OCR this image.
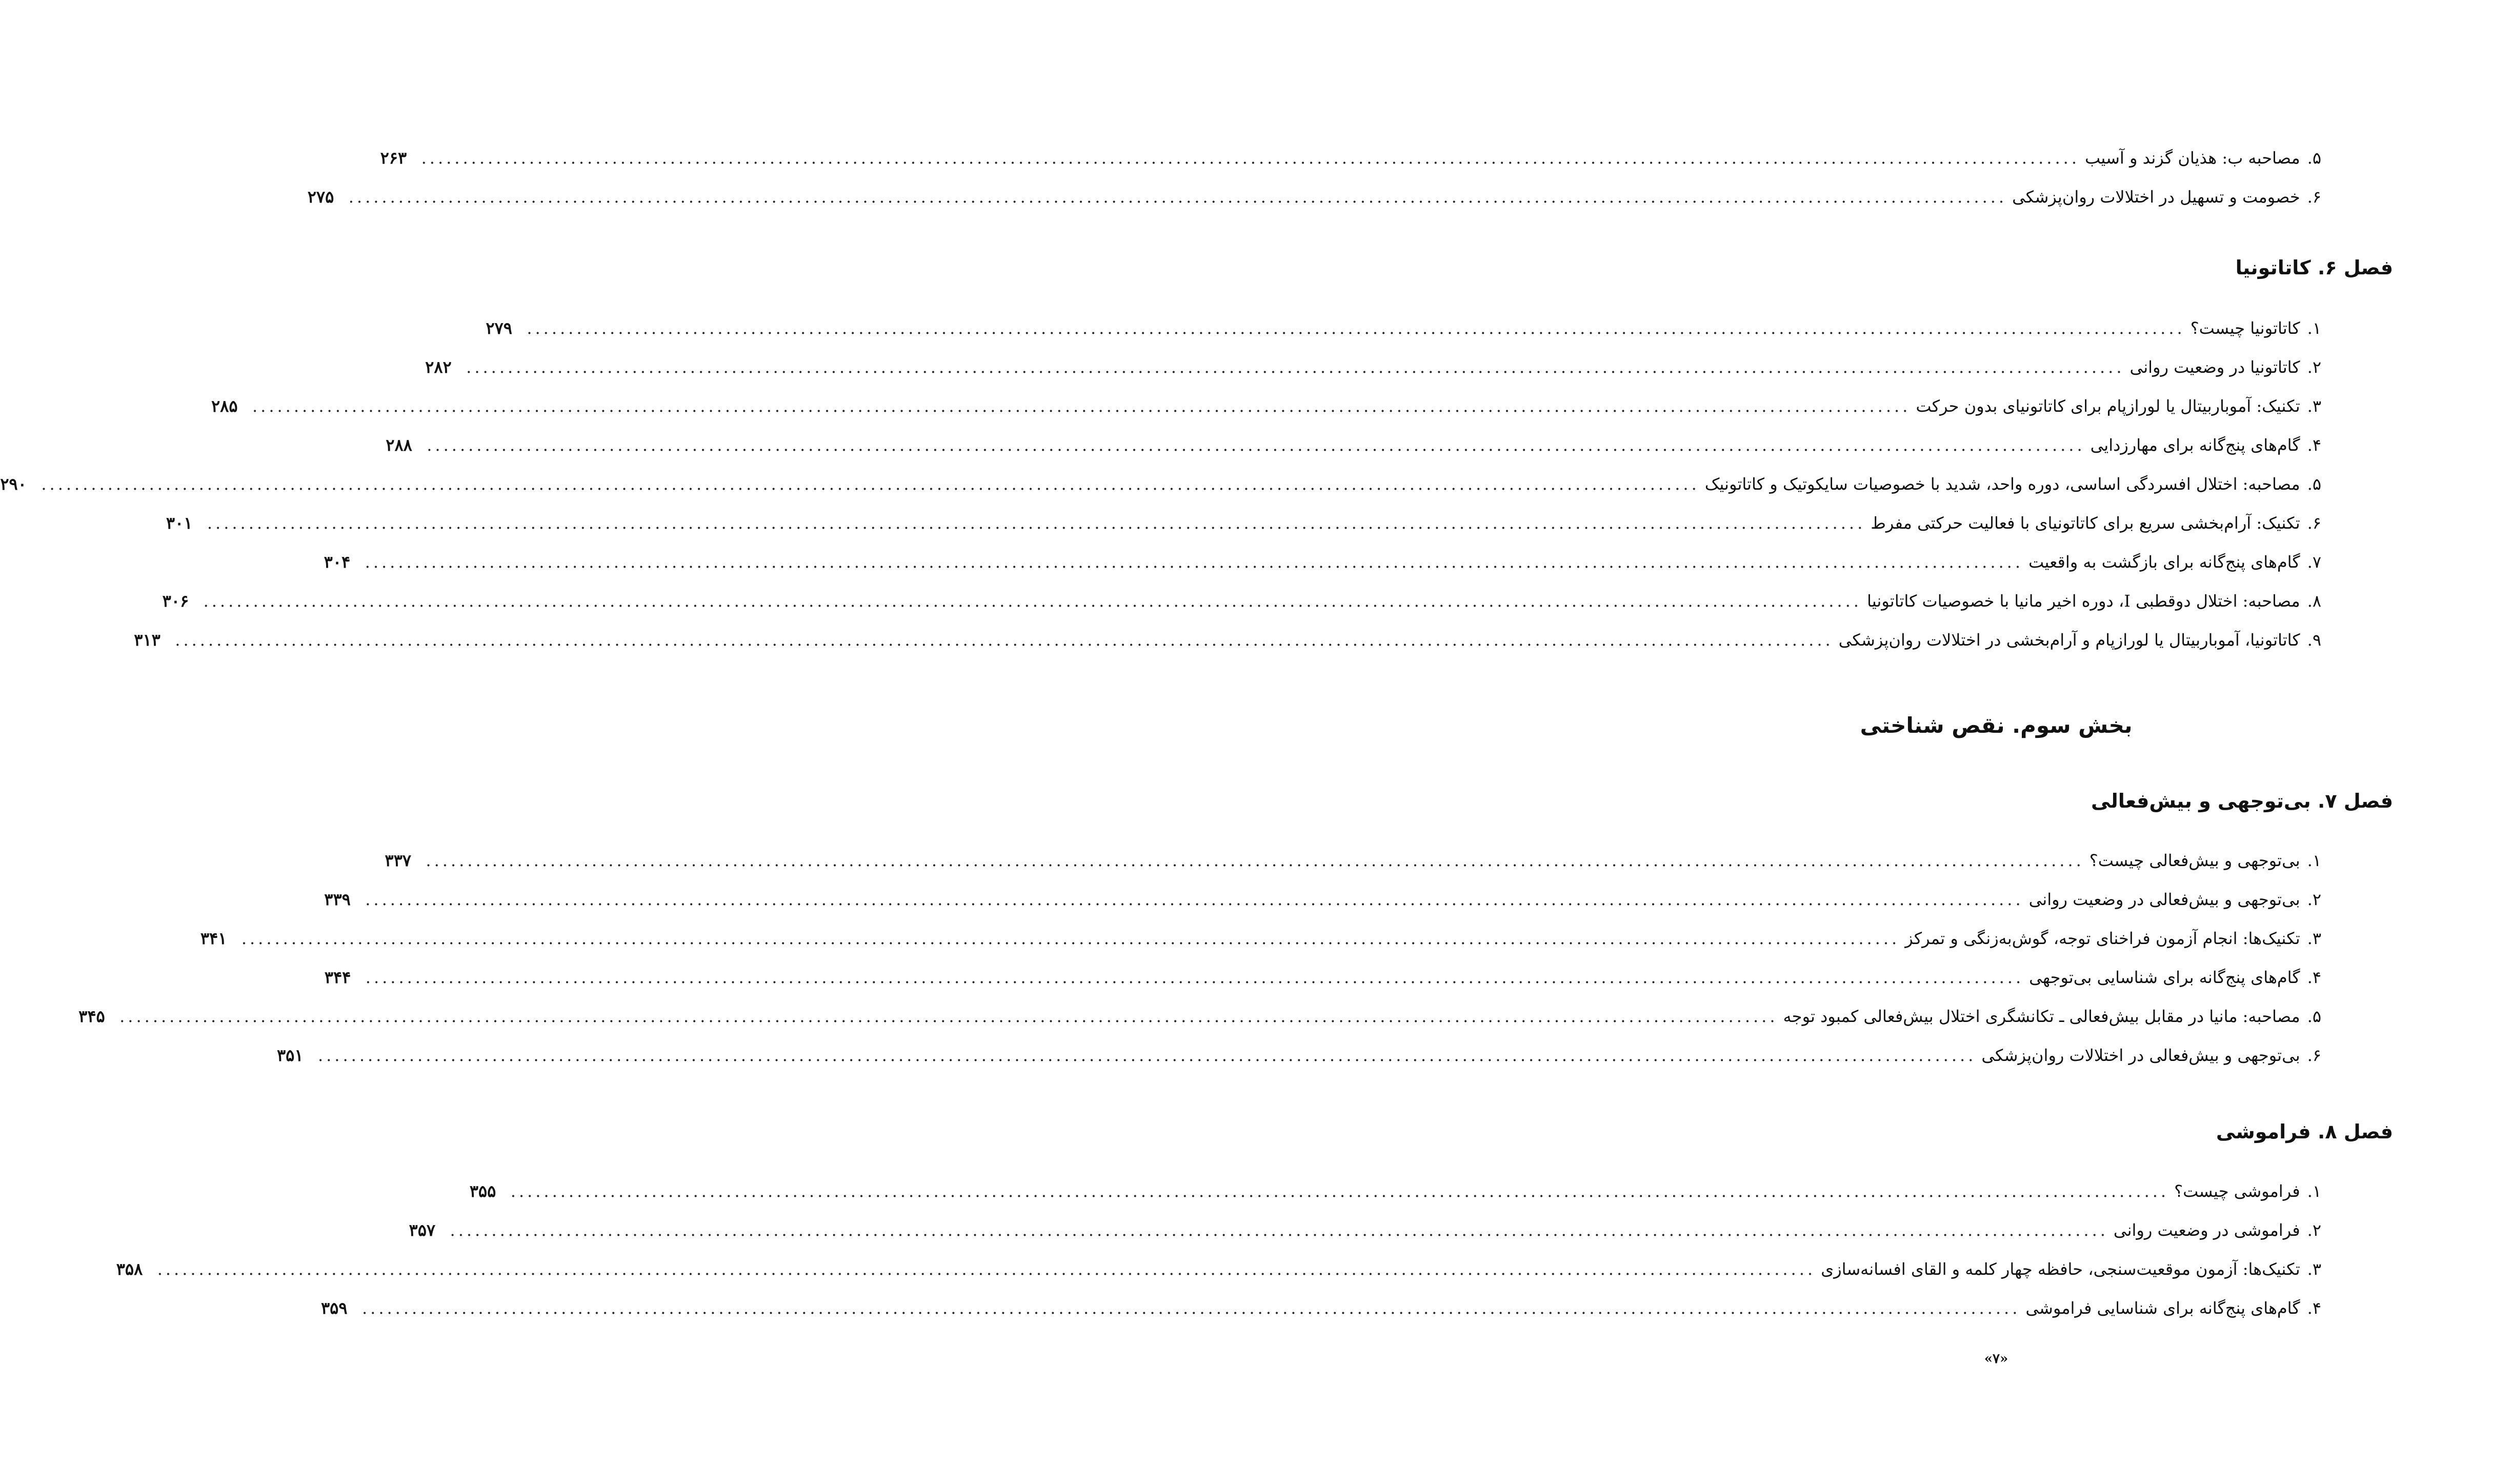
۵.
مصاحبه ب: هذیان گزند و آسیب
.....
۲۶۳
۶.
خصومت و تسهیل در اختلالات روان‌پزشکی
.....
۲۷۵
فصل ۶. کاتاتونیا
۱.
کاتاتونیا چیست؟
.....
۲۷۹
۲.
کاتاتونیا در وضعیت روانی
.....
۲۸۲
۳.
تکنیک: آموباربیتال یا لورازپام برای کاتاتونیای بدون حرکت
.....
۲۸۵
۴.
گام‌های پنج‌گانه برای مهارزدایی
.....
۲۸۸
۵.
مصاحبه: اختلال افسردگی اساسی، دوره واحد، شدید با خصوصیات سایکوتیک و کاتاتونیک
.....
۲۹۰
۶.
تکنیک: آرام‌بخشی سریع برای کاتاتونیای با فعالیت حرکتی مفرط
.....
۳۰۱
۷.
گام‌های پنج‌گانه برای بازگشت به واقعیت
.....
۳۰۴
۸.
مصاحبه: اختلال دوقطبی I، دوره اخیر مانیا با خصوصیات کاتاتونیا
.....
۳۰۶
۹.
کاتاتونیا، آموباربیتال یا لورازپام و آرام‌بخشی در اختلالات روان‌پزشکی
.....
۳۱۳
بخش سوم. نقص شناختی
فصل ۷. بی‌توجهی و بیش‌فعالی
۱.
بی‌توجهی و بیش‌فعالی چیست؟
.....
۳۳۷
۲.
بی‌توجهی و بیش‌فعالی در وضعیت روانی
.....
۳۳۹
۳.
تکنیک‌ها: انجام آزمون فراخنای توجه، گوش‌به‌زنگی و تمرکز
.....
۳۴۱
۴.
گام‌های پنج‌گانه برای شناسایی بی‌توجهی
.....
۳۴۴
۵.
مصاحبه: مانیا در مقابل بیش‌فعالی ـ تکانشگری اختلال بیش‌فعالی کمبود توجه
.....
۳۴۵
۶.
بی‌توجهی و بیش‌فعالی در اختلالات روان‌پزشکی
.....
۳۵۱
فصل ۸. فراموشی
۱.
فراموشی چیست؟
.....
۳۵۵
۲.
فراموشی در وضعیت روانی
.....
۳۵۷
۳.
تکنیک‌ها: آزمون موقعیت‌سنجی، حافظه چهار کلمه و القای افسانه‌سازی
.....
۳۵۸
۴.
گام‌های پنج‌گانه برای شناسایی فراموشی
.....
۳۵۹
«۷»
